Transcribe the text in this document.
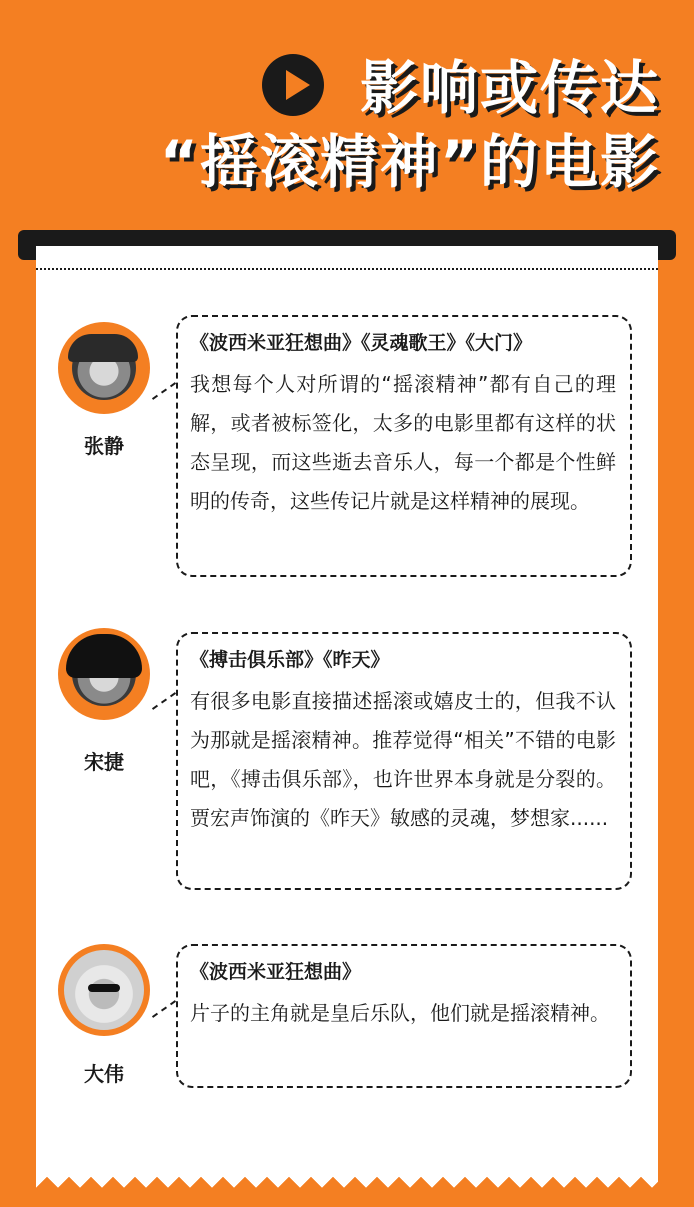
影响或传达
“摇滚精神”的电影
张静
《波西米亚狂想曲》《灵魂歌王》《大门》
我想每个人对所谓的“摇滚精神”都有自己的理解，或者被标签化，太多的电影里都有这样的状态呈现，而这些逝去音乐人，每一个都是个性鲜明的传奇，这些传记片就是这样精神的展现。
宋捷
《搏击俱乐部》《昨天》
有很多电影直接描述摇滚或嬉皮士的，但我不认为那就是摇滚精神。推荐觉得“相关”不错的电影吧，《搏击俱乐部》，也许世界本身就是分裂的。贾宏声饰演的《昨天》敏感的灵魂，梦想家......
大伟
《波西米亚狂想曲》
片子的主角就是皇后乐队，他们就是摇滚精神。
